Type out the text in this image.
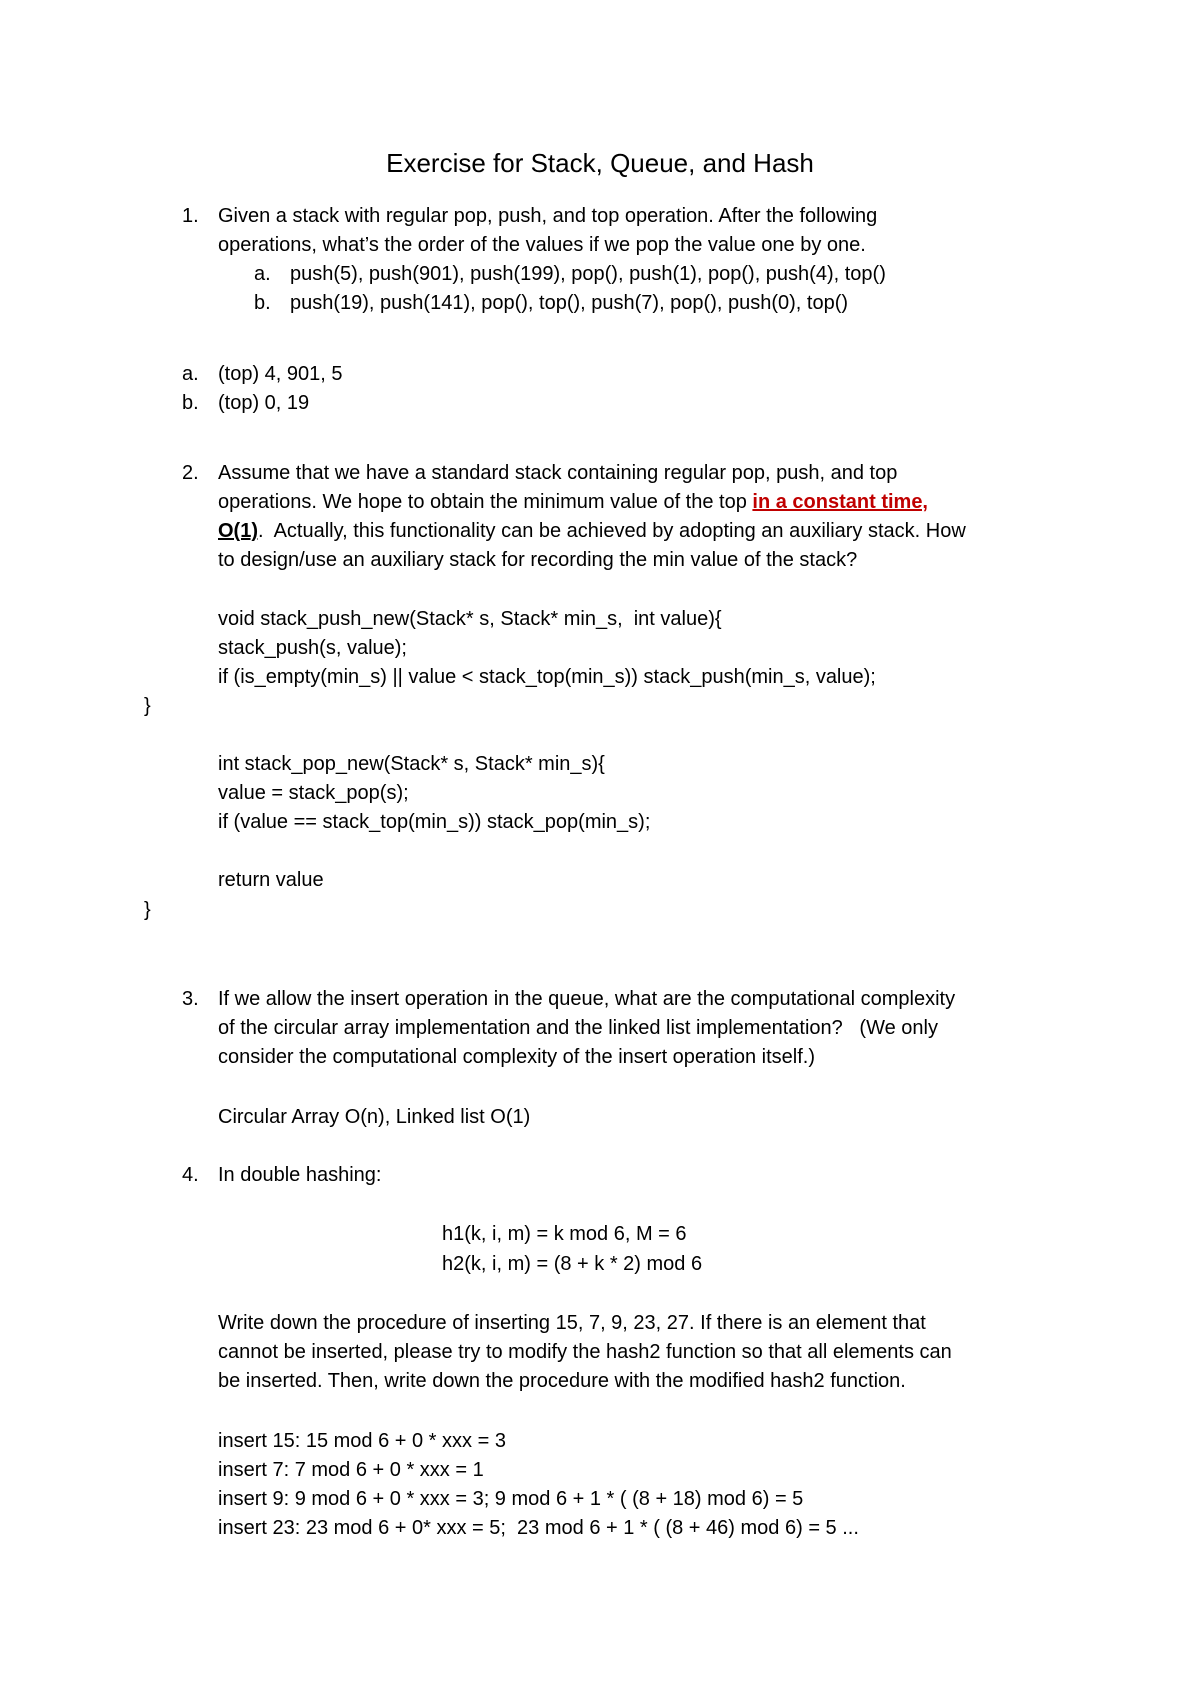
Exercise for Stack, Queue, and Hash
1. Given a stack with regular pop, push, and top operation. After the following
operations, what’s the order of the values if we pop the value one by one.
a. push(5), push(901), push(199), pop(), push(1), pop(), push(4), top()
b. push(19), push(141), pop(), top(), push(7), pop(), push(0), top()
a. (top) 4, 901, 5
b. (top) 0, 19
2. Assume that we have a standard stack containing regular pop, push, and top
operations. We hope to obtain the minimum value of the top in a constant time,
O(1).  Actually, this functionality can be achieved by adopting an auxiliary stack. How
to design/use an auxiliary stack for recording the min value of the stack?
void stack_push_new(Stack* s, Stack* min_s,  int value){
stack_push(s, value);
if (is_empty(min_s) || value < stack_top(min_s)) stack_push(min_s, value);
}
int stack_pop_new(Stack* s, Stack* min_s){
value = stack_pop(s);
if (value == stack_top(min_s)) stack_pop(min_s);
return value
}
3. If we allow the insert operation in the queue, what are the computational complexity
of the circular array implementation and the linked list implementation?   (We only
consider the computational complexity of the insert operation itself.)
Circular Array O(n), Linked list O(1)
4. In double hashing:
h1(k, i, m) = k mod 6, M = 6
h2(k, i, m) = (8 + k * 2) mod 6
Write down the procedure of inserting 15, 7, 9, 23, 27. If there is an element that
cannot be inserted, please try to modify the hash2 function so that all elements can
be inserted. Then, write down the procedure with the modified hash2 function.
insert 15: 15 mod 6 + 0 * xxx = 3
insert 7: 7 mod 6 + 0 * xxx = 1
insert 9: 9 mod 6 + 0 * xxx = 3; 9 mod 6 + 1 * ( (8 + 18) mod 6) = 5
insert 23: 23 mod 6 + 0* xxx = 5;  23 mod 6 + 1 * ( (8 + 46) mod 6) = 5 ...
